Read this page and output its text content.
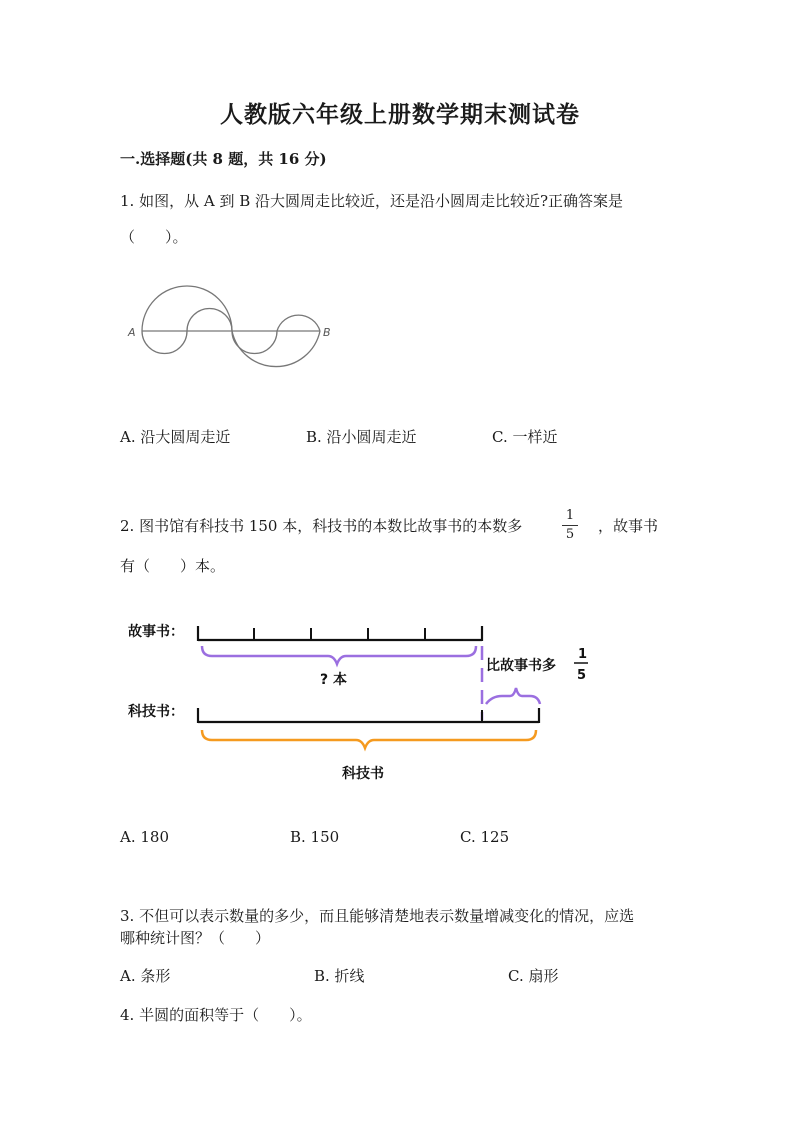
人教版六年级上册数学期末测试卷
一.选择题(共 8 题，共 16 分)
1. 如图，从 A 到 B 沿大圆周走比较近，还是沿小圆周走比较近?正确答案是
（　　）。
A	B
A. 沿大圆周走近	B. 沿小圆周走近	C. 一样近
2. 图书馆有科技书 150 本，科技书的本数比故事书的本数多
1
5	，故事书
有（　　）本。
故事书：
? 本
比故事书多
1
5
科技书：
科技书
A. 180	B. 150	C. 125
3. 不但可以表示数量的多少，而且能够清楚地表示数量增减变化的情况，应选
哪种统计图？（　　）
A. 条形	B. 折线	C. 扇形
4. 半圆的面积等于（　　）。
